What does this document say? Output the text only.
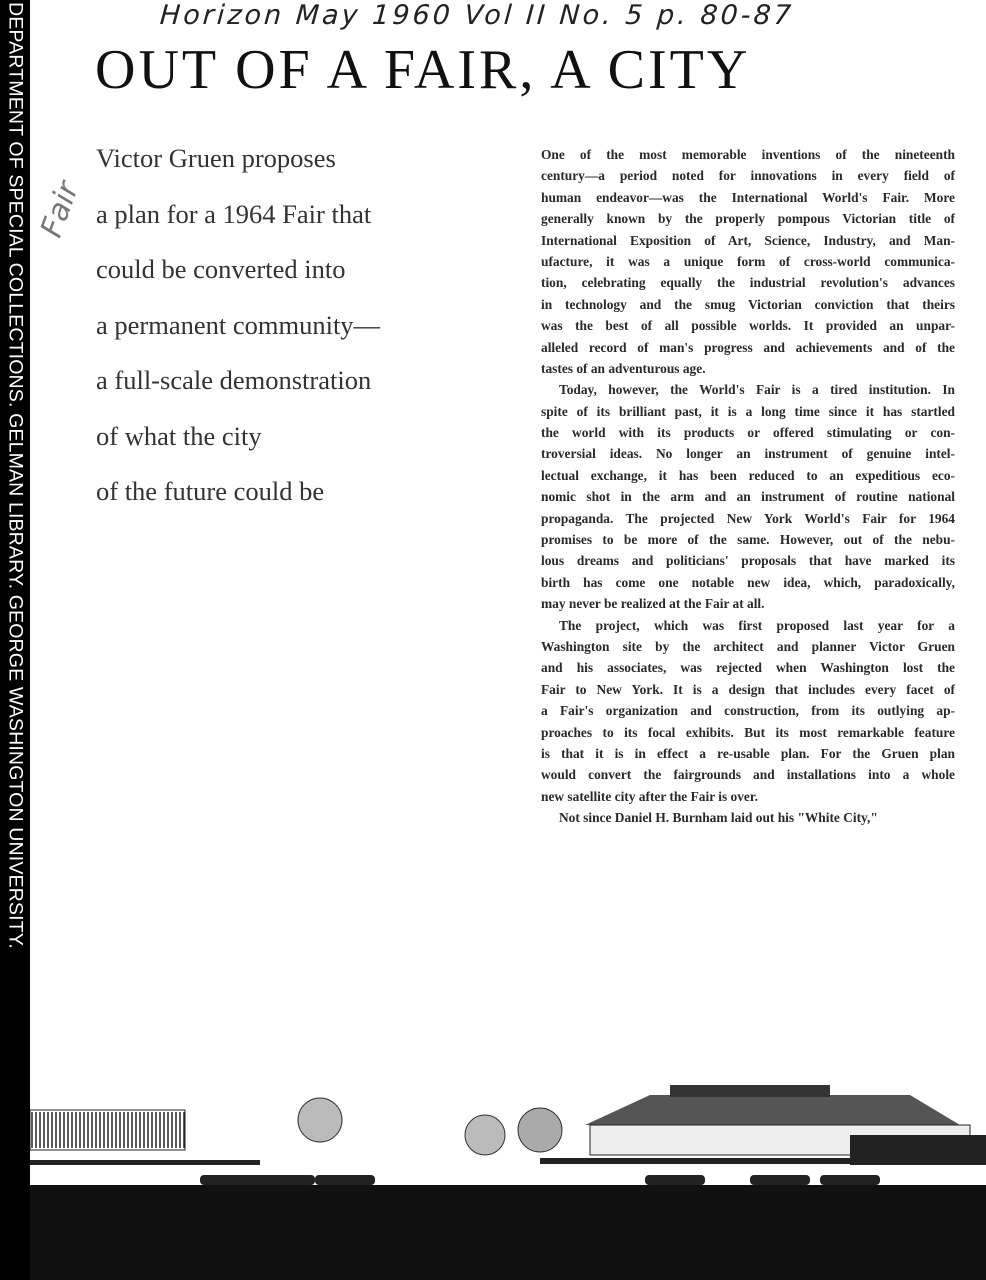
DEPARTMENT OF SPECIAL COLLECTIONS. GELMAN LIBRARY. GEORGE WASHINGTON UNIVERSITY.	Horizon May 1960 Vol II No. 5 p. 80-87
Fair
OUT OF A FAIR, A CITY
Victor Gruen proposes
a plan for a 1964 Fair that
could be converted into
a permanent community—
a full-scale demonstration
of what the city
of the future could be
One of the most memorable inventions of the nineteenth
century—a period noted for innovations in every field of
human endeavor—was the International World's Fair. More
generally known by the properly pompous Victorian title of
International Exposition of Art, Science, Industry, and Man-
ufacture, it was a unique form of cross-world communica-
tion, celebrating equally the industrial revolution's advances
in technology and the smug Victorian conviction that theirs
was the best of all possible worlds. It provided an unpar-
alleled record of man's progress and achievements and of the
tastes of an adventurous age.
Today, however, the World's Fair is a tired institution. In
spite of its brilliant past, it is a long time since it has startled
the world with its products or offered stimulating or con-
troversial ideas. No longer an instrument of genuine intel-
lectual exchange, it has been reduced to an expeditious eco-
nomic shot in the arm and an instrument of routine national
propaganda. The projected New York World's Fair for 1964
promises to be more of the same. However, out of the nebu-
lous dreams and politicians' proposals that have marked its
birth has come one notable new idea, which, paradoxically,
may never be realized at the Fair at all.
The project, which was first proposed last year for a
Washington site by the architect and planner Victor Gruen
and his associates, was rejected when Washington lost the
Fair to New York. It is a design that includes every facet of
a Fair's organization and construction, from its outlying ap-
proaches to its focal exhibits. But its most remarkable feature
is that it is in effect a re-usable plan. For the Gruen plan
would convert the fairgrounds and installations into a whole
new satellite city after the Fair is over.
Not since Daniel H. Burnham laid out his "White City,"
